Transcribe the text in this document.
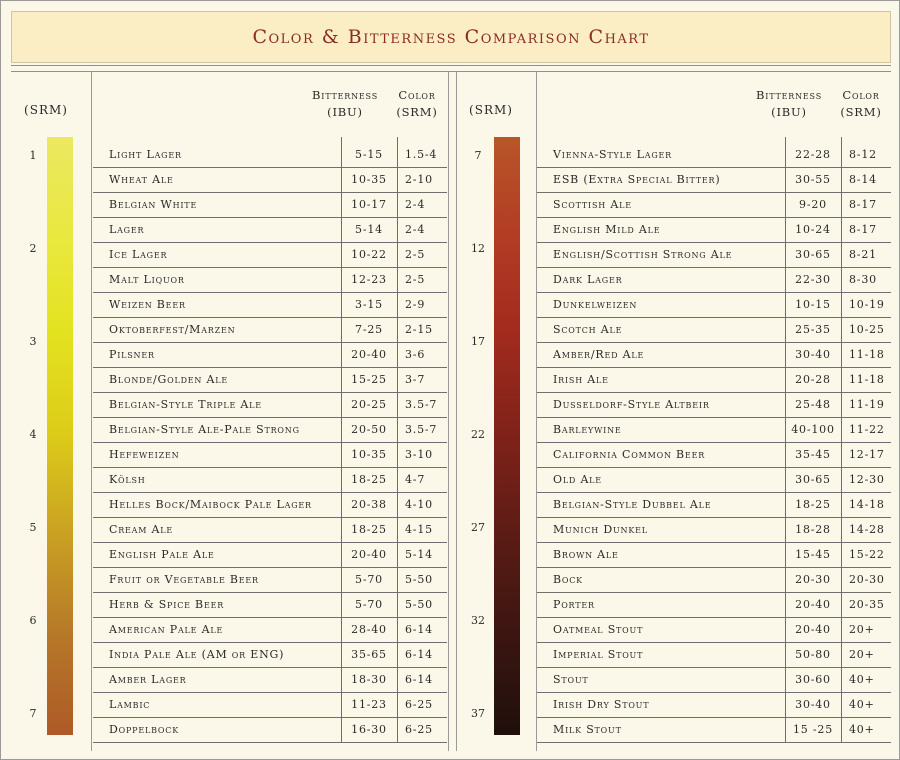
Color & Bitterness Comparison Chart
(SRM)
1
2
3
4
5
6
7
Bitterness
(IBU)
Color
(SRM)
Light Lager	5-15	1.5-4
Wheat Ale	10-35	2-10
Belgian White	10-17	2-4
Lager	5-14	2-4
Ice Lager	10-22	2-5
Malt Liquor	12-23	2-5
Weizen Beer	3-15	2-9
Oktoberfest/Marzen	7-25	2-15
Pilsner	20-40	3-6
Blonde/Golden Ale	15-25	3-7
Belgian-Style Triple Ale	20-25	3.5-7
Belgian-Style Ale-Pale Strong	20-50	3.5-7
Hefeweizen	10-35	3-10
Kölsh	18-25	4-7
Helles Bock/Maibock Pale Lager	20-38	4-10
Cream Ale	18-25	4-15
English Pale Ale	20-40	5-14
Fruit or Vegetable Beer	5-70	5-50
Herb & Spice Beer	5-70	5-50
American Pale Ale	28-40	6-14
India Pale Ale (AM or ENG)	35-65	6-14
Amber Lager	18-30	6-14
Lambic	11-23	6-25
Doppelbock	16-30	6-25
(SRM)
7
12
17
22
27
32
37
Bitterness
(IBU)
Color
(SRM)
Vienna-Style Lager	22-28	8-12
ESB (Extra Special Bitter)	30-55	8-14
Scottish Ale	9-20	8-17
English Mild Ale	10-24	8-17
English/Scottish Strong Ale	30-65	8-21
Dark Lager	22-30	8-30
Dunkelweizen	10-15	10-19
Scotch Ale	25-35	10-25
Amber/Red Ale	30-40	11-18
Irish Ale	20-28	11-18
Dusseldorf-Style Altbeir	25-48	11-19
Barleywine	40-100	11-22
California Common Beer	35-45	12-17
Old Ale	30-65	12-30
Belgian-Style Dubbel Ale	18-25	14-18
Munich Dunkel	18-28	14-28
Brown Ale	15-45	15-22
Bock	20-30	20-30
Porter	20-40	20-35
Oatmeal Stout	20-40	20+
Imperial Stout	50-80	20+
Stout	30-60	40+
Irish Dry Stout	30-40	40+
Milk Stout	15 -25	40+
